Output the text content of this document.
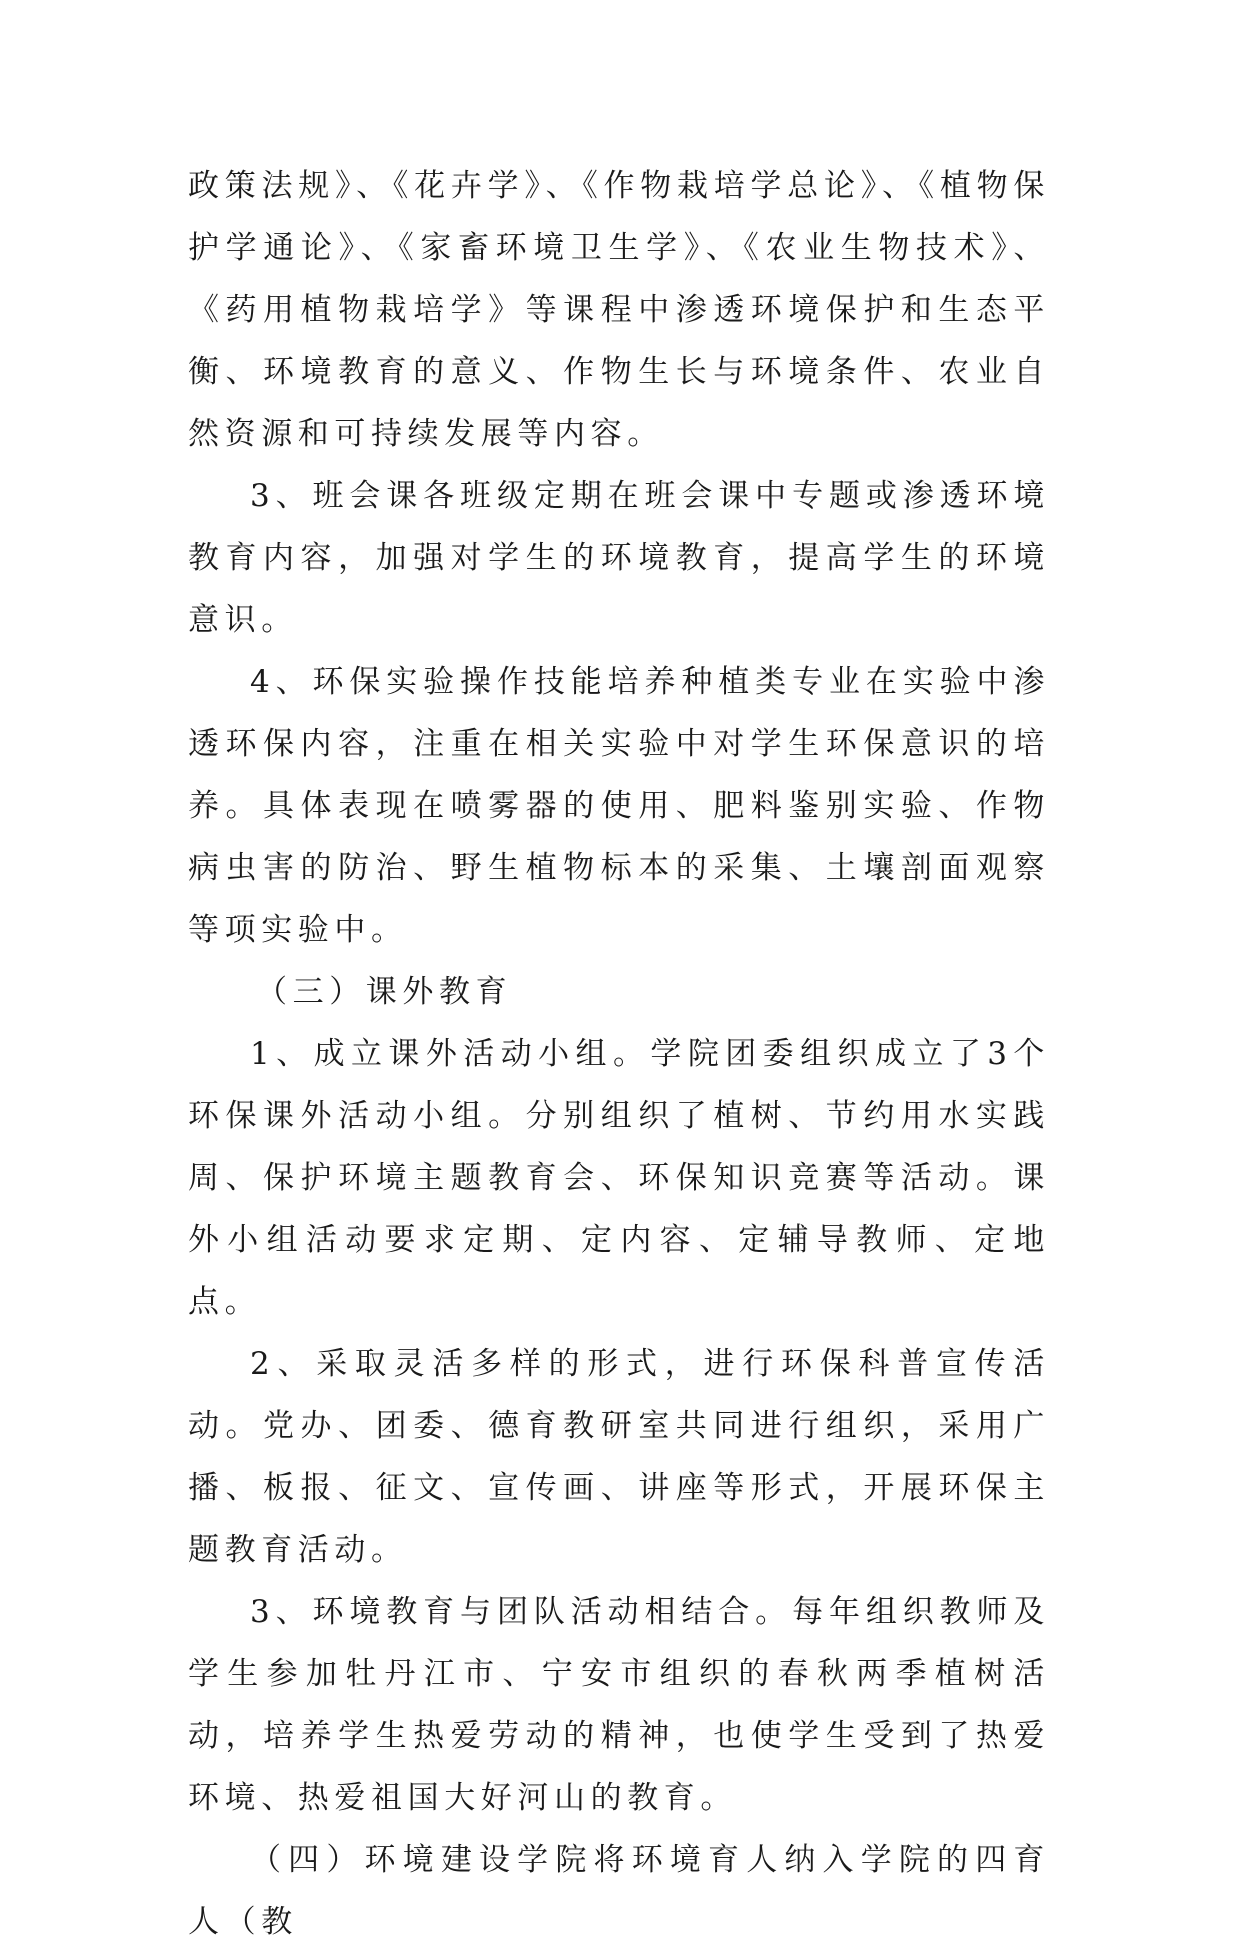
政策法规》、《花卉学》、《作物栽培学总论》、《植物保护学通论》、《家畜环境卫生学》、《农业生物技术》、《药用植物栽培学》等课程中渗透环境保护和生态平衡、环境教育的意义、作物生长与环境条件、农业自然资源和可持续发展等内容。

3、班会课各班级定期在班会课中专题或渗透环境教育内容，加强对学生的环境教育，提高学生的环境意识。

4、环保实验操作技能培养种植类专业在实验中渗透环保内容，注重在相关实验中对学生环保意识的培养。具体表现在喷雾器的使用、肥料鉴别实验、作物病虫害的防治、野生植物标本的采集、土壤剖面观察等项实验中。

（三）课外教育

1、成立课外活动小组。学院团委组织成立了3个环保课外活动小组。分别组织了植树、节约用水实践周、保护环境主题教育会、环保知识竞赛等活动。课外小组活动要求定期、定内容、定辅导教师、定地点。

2、采取灵活多样的形式，进行环保科普宣传活动。党办、团委、德育教研室共同进行组织，采用广播、板报、征文、宣传画、讲座等形式，开展环保主题教育活动。

3、环境教育与团队活动相结合。每年组织教师及学生参加牡丹江市、宁安市组织的春秋两季植树活动，培养学生热爱劳动的精神，也使学生受到了热爱环境、热爱祖国大好河山的教育。

（四）环境建设学院将环境育人纳入学院的四育人（教
